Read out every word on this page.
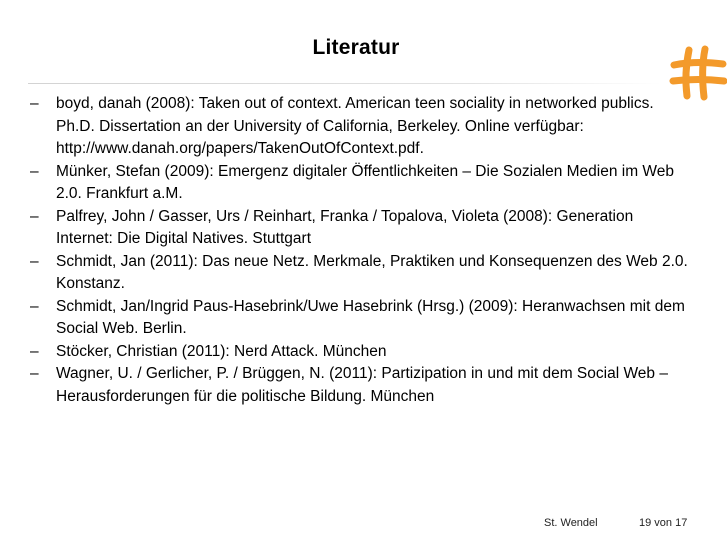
Literatur
– boyd, danah (2008): Taken out of context. American teen sociality in networked publics. Ph.D. Dissertation an der University of California, Berkeley. Online verfügbar: http://www.danah.org/papers/TakenOutOfContext.pdf.
– Münker, Stefan (2009): Emergenz digitaler Öffentlichkeiten – Die Sozialen Medien im Web 2.0. Frankfurt a.M.
– Palfrey, John / Gasser, Urs / Reinhart, Franka / Topalova, Violeta (2008): Generation Internet: Die Digital Natives. Stuttgart
– Schmidt, Jan (2011): Das neue Netz. Merkmale, Praktiken und Konsequenzen des Web 2.0. Konstanz.
– Schmidt, Jan/Ingrid Paus-Hasebrink/Uwe Hasebrink (Hrsg.) (2009): Heranwachsen mit dem Social Web. Berlin.
– Stöcker, Christian (2011): Nerd Attack. München
– Wagner, U. / Gerlicher, P. / Brüggen, N. (2011): Partizipation in und mit dem Social Web – Herausforderungen für die politische Bildung. München
St. Wendel	19 von 17
